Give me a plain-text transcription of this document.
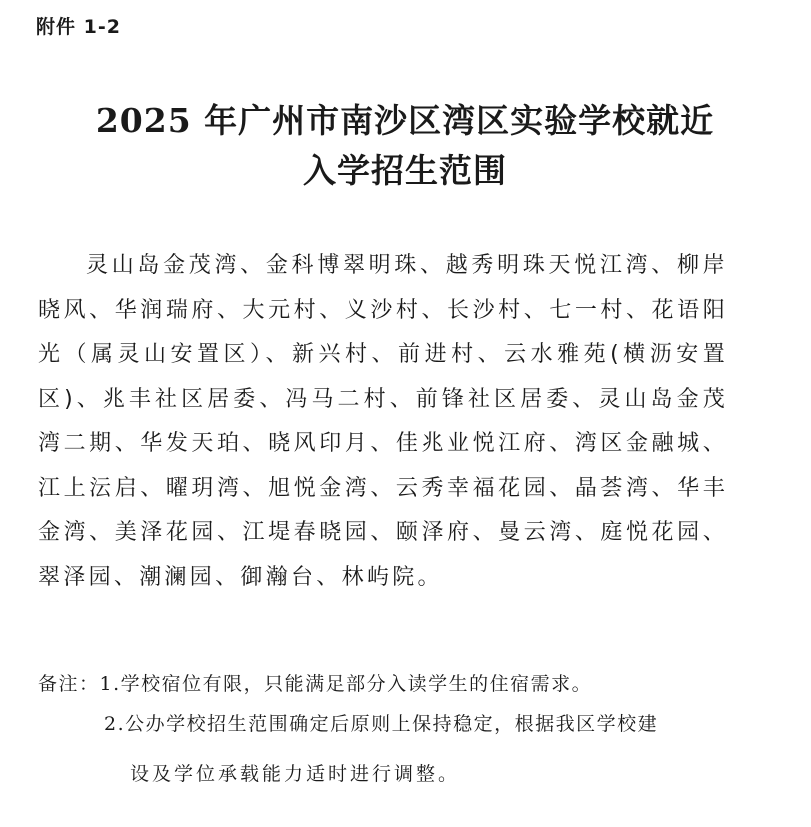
附件 1-2
2025 年广州市南沙区湾区实验学校就近
入学招生范围

灵山岛金茂湾、金科博翠明珠、越秀明珠天悦江湾、柳岸晓风、华润瑞府、大元村、义沙村、长沙村、七一村、花语阳光（属灵山安置区）、新兴村、前进村、云水雅苑(横沥安置区)、兆丰社区居委、冯马二村、前锋社区居委、灵山岛金茂湾二期、华发天珀、晓风印月、佳兆业悦江府、湾区金融城、江上沄启、曜玥湾、旭悦金湾、云秀幸福花园、晶荟湾、华丰金湾、美泽花园、江堤春晓园、颐泽府、曼云湾、庭悦花园、翠泽园、潮澜园、御瀚台、林屿院。

备注：1.学校宿位有限，只能满足部分入读学生的住宿需求。
2.公办学校招生范围确定后原则上保持稳定，根据我区学校建
设及学位承载能力适时进行调整。
